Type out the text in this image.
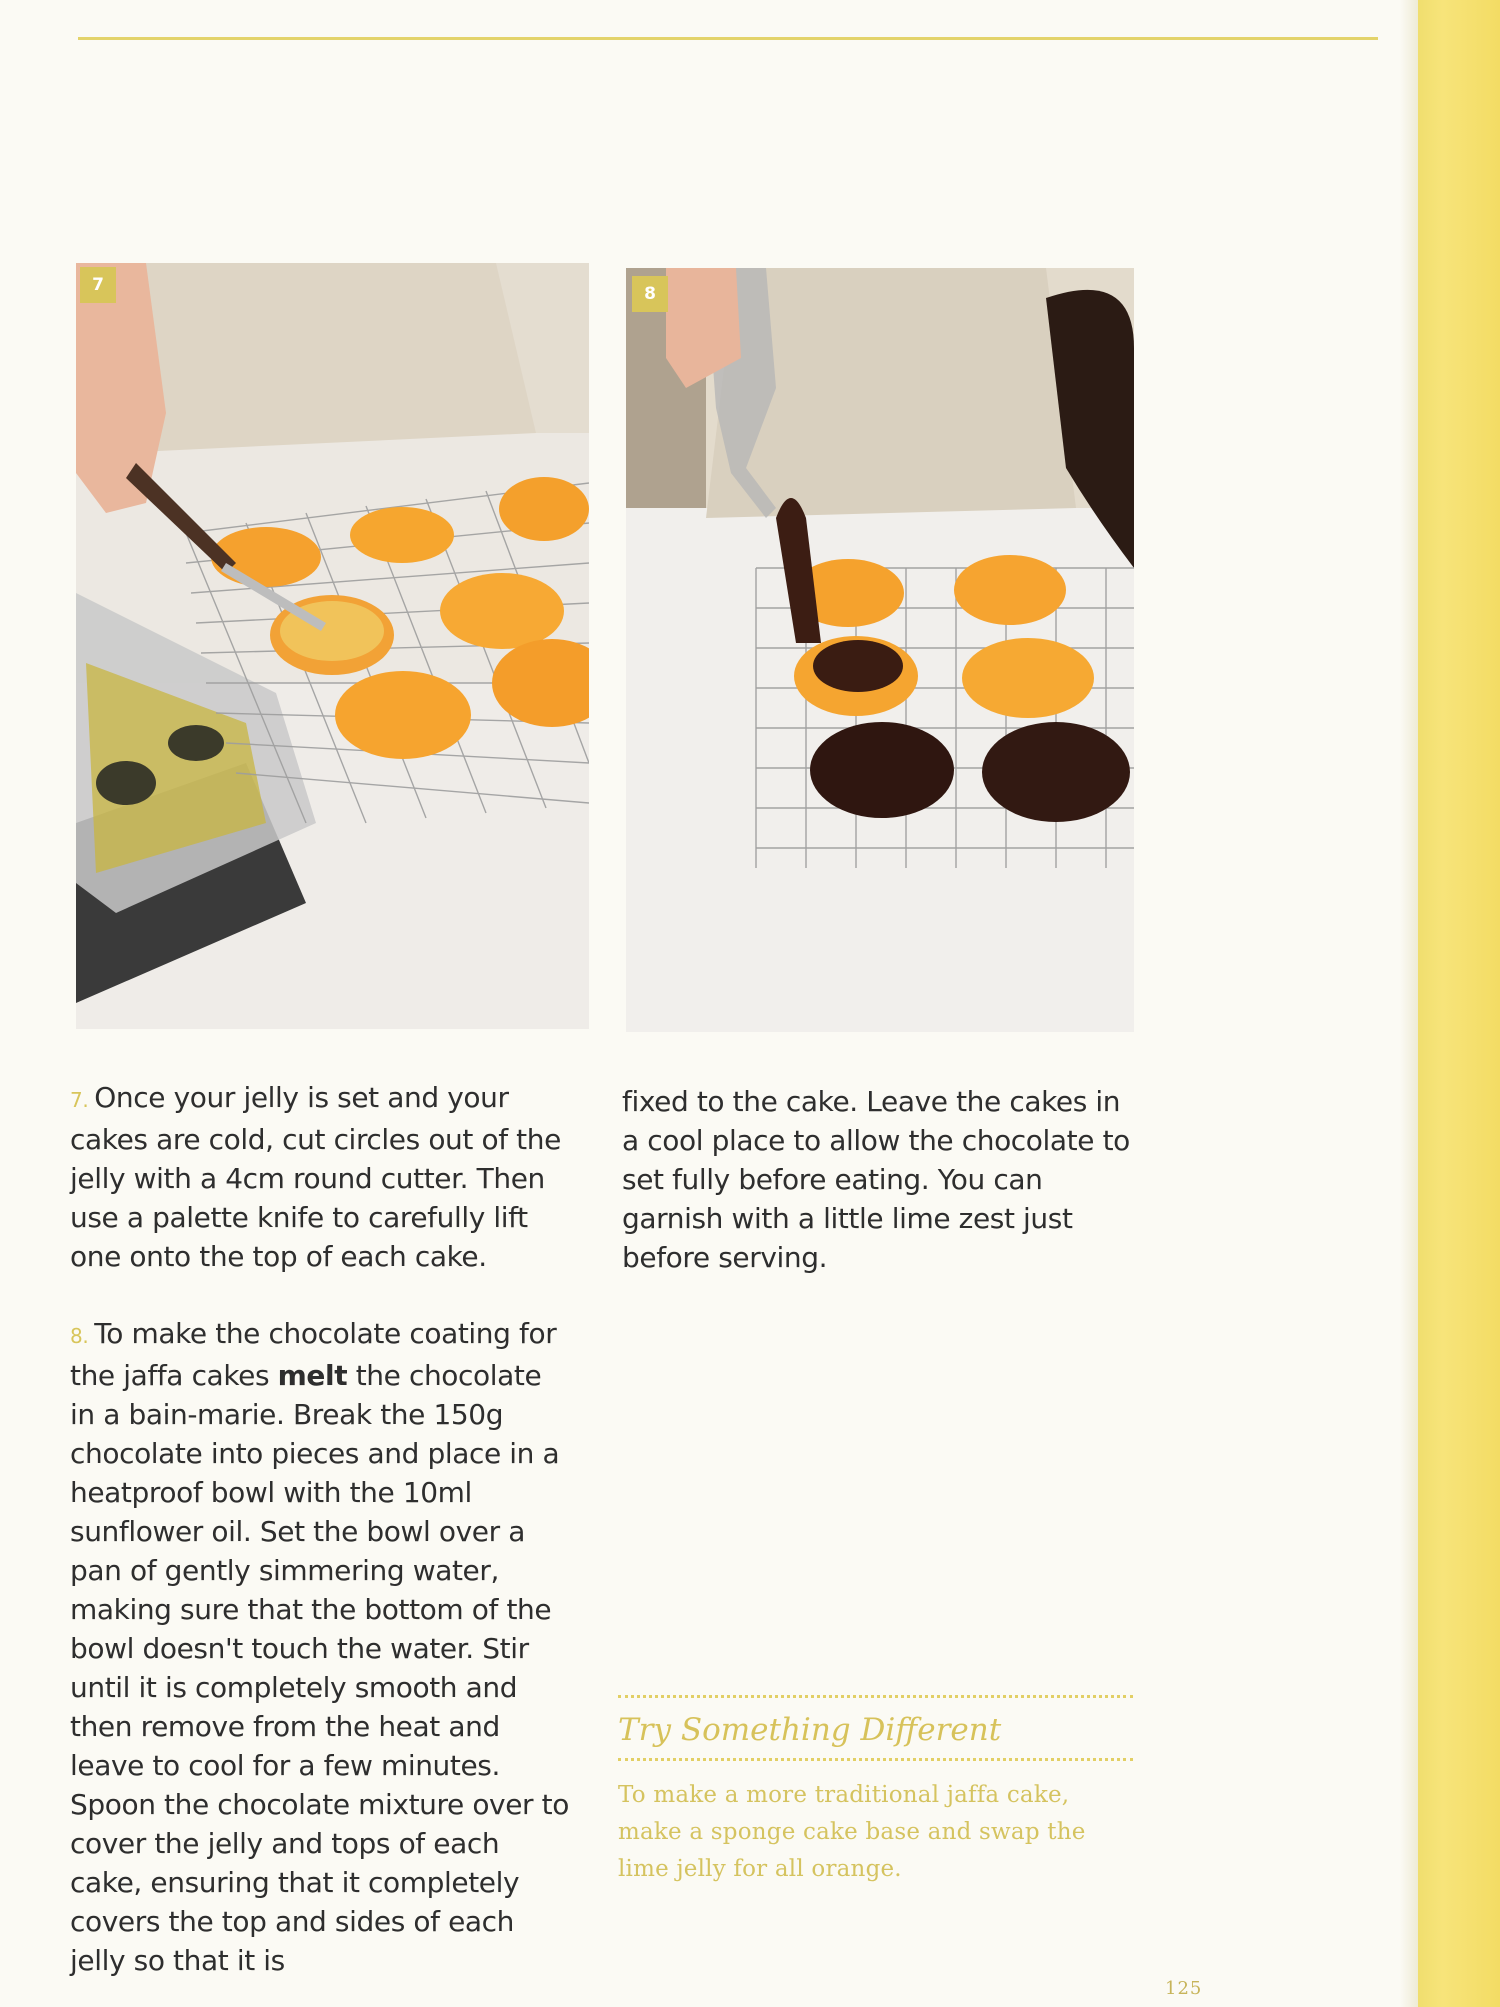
7	8
7. Once your jelly is set and your cakes are cold, cut circles out of the jelly with a 4cm round cutter. Then use a palette knife to carefully lift one onto the top of each cake.
8. To make the chocolate coating for the jaffa cakes melt the chocolate in a bain-marie. Break the 150g chocolate into pieces and place in a heatproof bowl with the 10ml sunflower oil. Set the bowl over a pan of gently simmering water, making sure that the bottom of the bowl doesn't touch the water. Stir until it is completely smooth and then remove from the heat and leave to cool for a few minutes. Spoon the chocolate mixture over to cover the jelly and tops of each cake, ensuring that it completely covers the top and sides of each jelly so that it is
fixed to the cake. Leave the cakes in a cool place to allow the chocolate to set fully before eating. You can garnish with a little lime zest just before serving.
Try Something Different
To make a more traditional jaffa cake, make a sponge cake base and swap the lime jelly for all orange.
125
